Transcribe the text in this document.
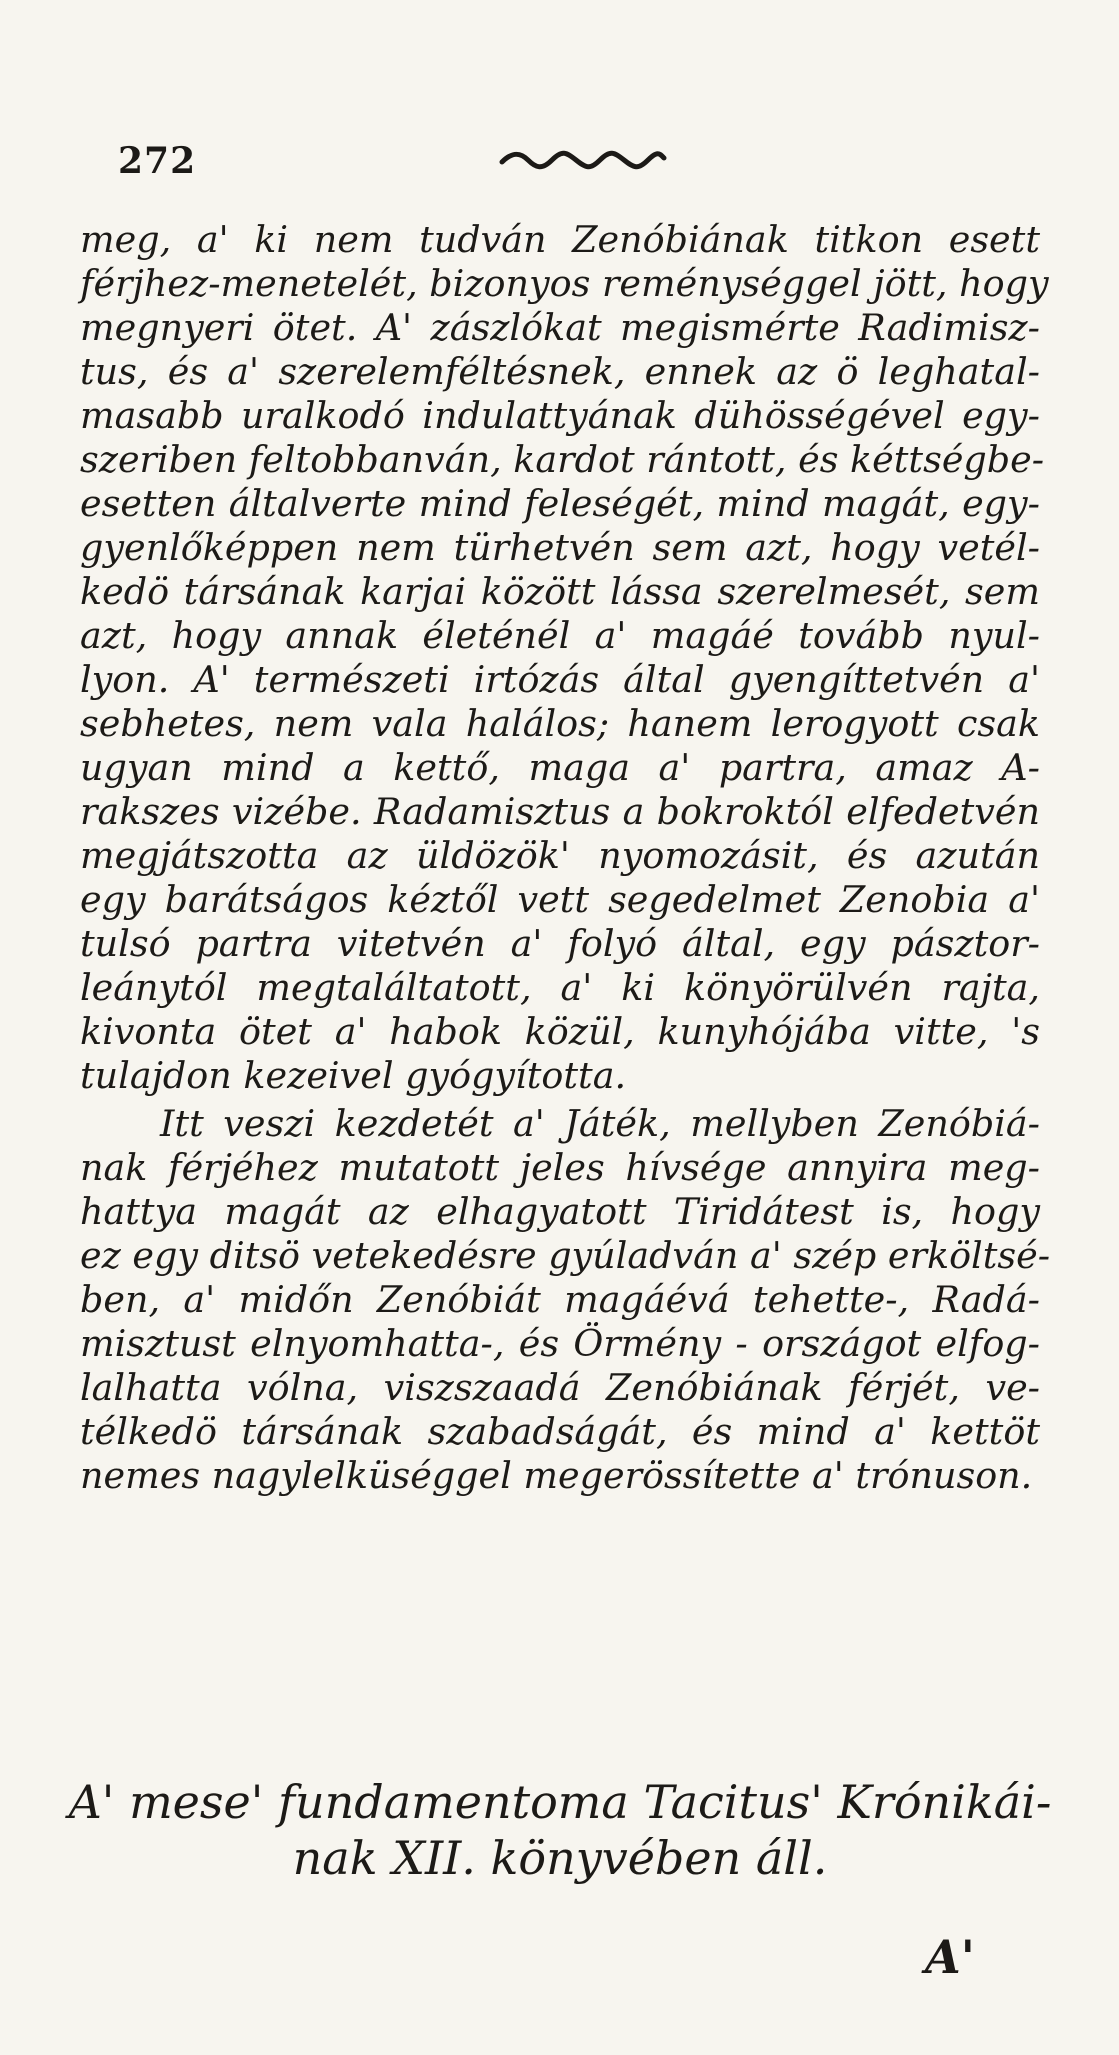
272
meg, a' ki nem tudván Zenóbiának titkon esett
férjhez-menetelét, bizonyos reménységgel jött, hogy
megnyeri ötet. A' zászlókat megismérte Radimisz-
tus, és a' szerelemféltésnek, ennek az ö leghatal-
masabb uralkodó indulattyának dühösségével egy-
szeriben feltobbanván, kardot rántott, és kéttségbe-
esetten általverte mind feleségét, mind magát, egy-
gyenlőképpen nem türhetvén sem azt, hogy vetél-
kedö társának karjai között lássa szerelmesét, sem
azt, hogy annak életénél a' magáé tovább nyul-
lyon. A' természeti irtózás által gyengíttetvén a'
sebhetes, nem vala halálos; hanem lerogyott csak
ugyan mind a kettő, maga a' partra, amaz A-
rakszes vizébe. Radamisztus a bokroktól elfedetvén
megjátszotta az üldözök' nyomozásit, és azután
egy barátságos kéztől vett segedelmet Zenobia a'
tulsó partra vitetvén a' folyó által, egy pásztor-
leánytól megtaláltatott, a' ki könyörülvén rajta,
kivonta ötet a' habok közül, kunyhójába vitte, 's
tulajdon kezeivel gyógyította.
Itt veszi kezdetét a' Játék, mellyben Zenóbiá-
nak férjéhez mutatott jeles hívsége annyira meg-
hattya magát az elhagyatott Tiridátest is, hogy
ez egy ditsö vetekedésre gyúladván a' szép erköltsé-
ben, a' midőn Zenóbiát magáévá tehette-, Radá-
misztust elnyomhatta-, és Örmény - országot elfog-
lalhatta vólna, viszszaadá Zenóbiának férjét, ve-
télkedö társának szabadságát, és mind a' kettöt
nemes nagylelküséggel megerössítette a' trónuson.
A' mese' fundamentoma Tacitus' Krónikái-
nak XII. könyvében áll.
A'
